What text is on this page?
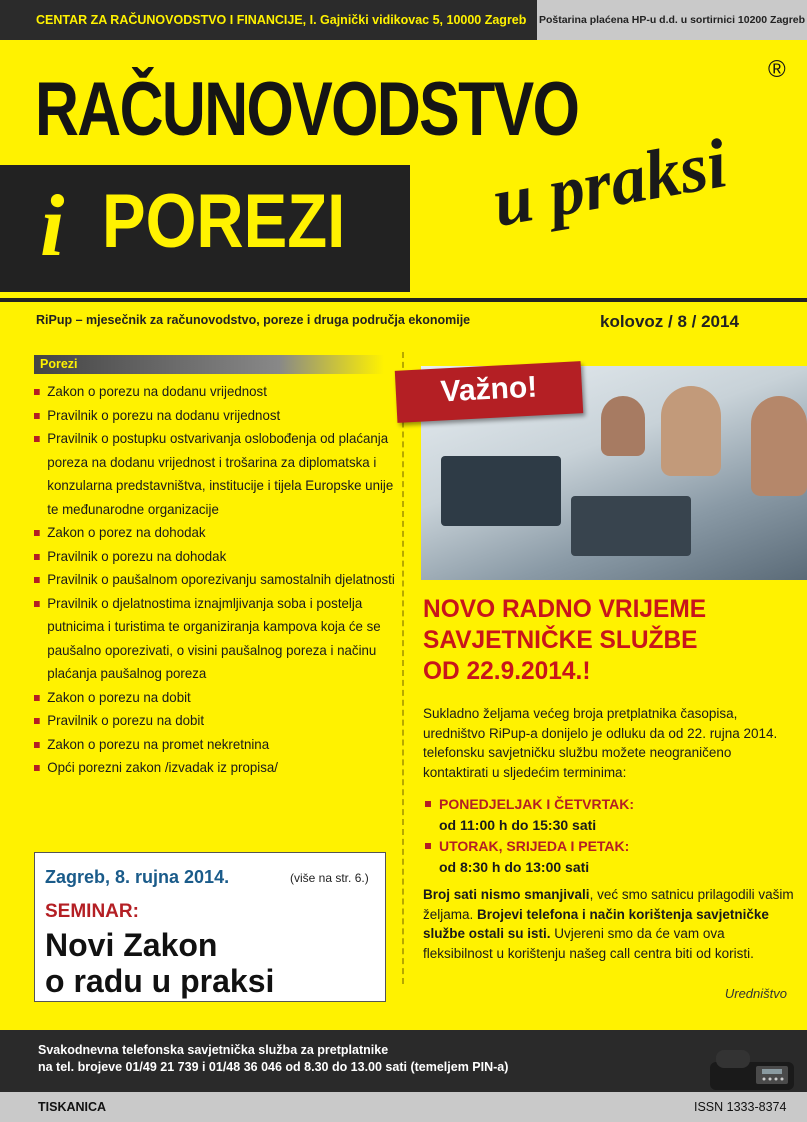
CENTAR ZA RAČUNOVODSTVO I FINANCIJE, I. Gajnički vidikovac 5, 10000 Zagreb	Poštarina plaćena HP-u d.d. u sortirnici 10200 Zagreb
RAČUNOVODSTVO	®
i POREZI u praksi
RiPup – mjesečnik za računovodstvo, poreze i druga područja ekonomije	kolovoz / 8 / 2014
Porezi
Zakon o porezu na dodanu vrijednost
Pravilnik o porezu na dodanu vrijednost
Pravilnik o postupku ostvarivanja oslobođenja od plaćanja poreza na dodanu vrijednost i trošarina za diplomatska i konzularna predstavništva, institucije i tijela Europske unije te međunarodne organizacije
Zakon o porez na dohodak
Pravilnik o porezu na dohodak
Pravilnik o paušalnom oporezivanju samostalnih djelatnosti
Pravilnik o djelatnostima iznajmljivanja soba i postelja putnicima i turistima te organiziranja kampova koja će se paušalno oporezivati, o visini paušalnog poreza i načinu plaćanja paušalnog poreza
Zakon o porezu na dobit
Pravilnik o porezu na dobit
Zakon o porezu na promet nekretnina
Opći porezni zakon /izvadak iz propisa/
Zagreb, 8. rujna 2014.	(više na str. 6.)
SEMINAR:
Novi Zakon
o radu u praksi
Važno!
NOVO RADNO VRIJEME
SAVJETNIČKE SLUŽBE
OD 22.9.2014.!
Sukladno željama većeg broja pretplatnika časopisa, uredništvo RiPup-a donijelo je odluku da od 22. rujna 2014. telefonsku savjetničku službu možete neograničeno kontaktirati u sljedećim terminima:
PONEDJELJAK I ČETVRTAK:
od 11:00 h do 15:30 sati
UTORAK, SRIJEDA I PETAK:
od 8:30 h do 13:00 sati
Broj sati nismo smanjivali, već smo satnicu prilagodili vašim željama. Brojevi telefona i način korištenja savjetničke službe ostali su isti. Uvjereni smo da će vam ova fleksibilnost u korištenju našeg call centra biti od koristi.
Uredništvo
Svakodnevna telefonska savjetnička služba za pretplatnike
na tel. brojeve 01/49 21 739 i 01/48 36 046 od 8.30 do 13.00 sati (temeljem PIN-a)
TISKANICA	ISSN 1333-8374
